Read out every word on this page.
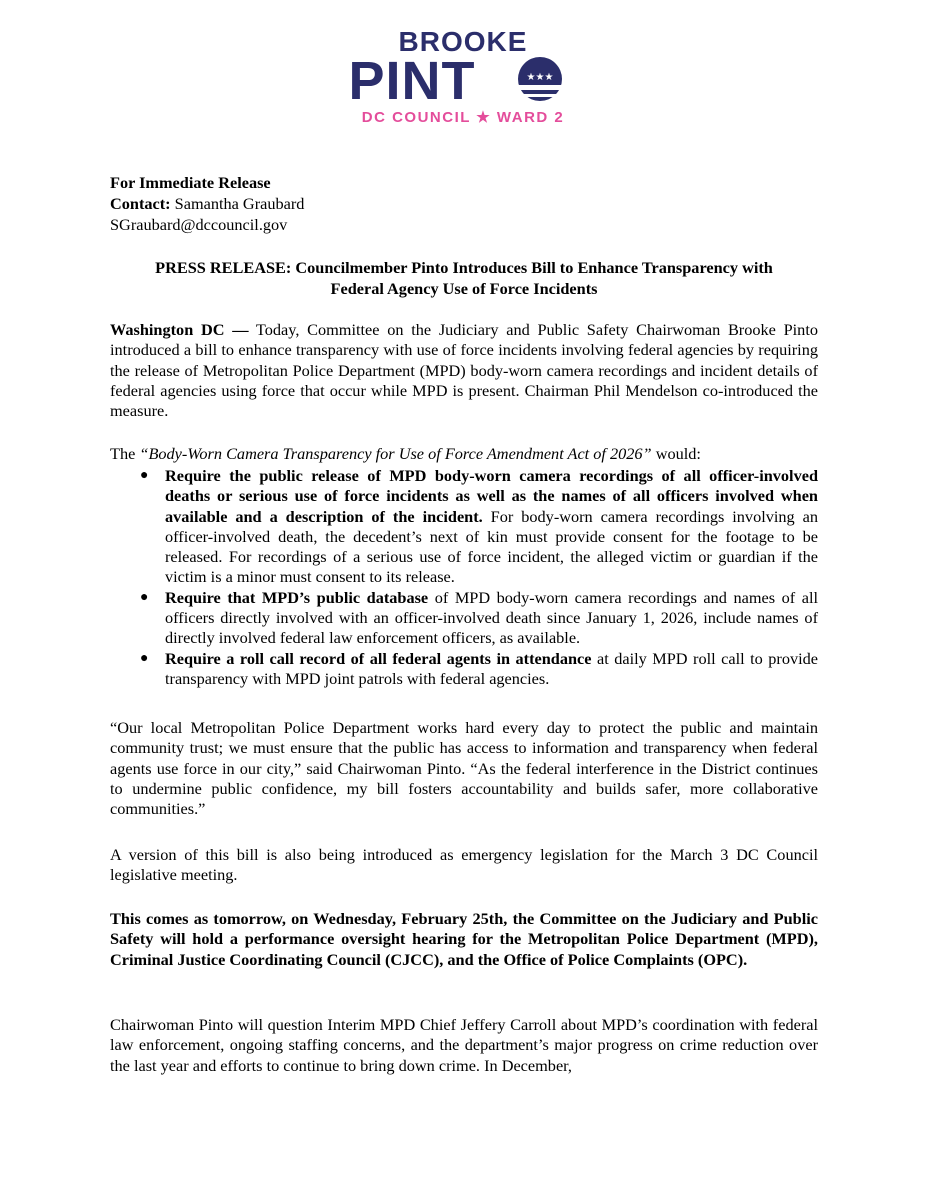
BROOKE
PINT	★★★
DC COUNCIL ★ WARD 2
For Immediate Release
Contact: Samantha Graubard
SGraubard@dccouncil.gov
PRESS RELEASE: Councilmember Pinto Introduces Bill to Enhance Transparency with
Federal Agency Use of Force Incidents

Washington DC — Today, Committee on the Judiciary and Public Safety Chairwoman Brooke Pinto introduced a bill to enhance transparency with use of force incidents involving federal agencies by requiring the release of Metropolitan Police Department (MPD) body-worn camera recordings and incident details of federal agencies using force that occur while MPD is present. Chairman Phil Mendelson co-introduced the measure.

The “Body-Worn Camera Transparency for Use of Force Amendment Act of 2026” would:

● Require the public release of MPD body-worn camera recordings of all officer-involved deaths or serious use of force incidents as well as the names of all officers involved when available and a description of the incident. For body-worn camera recordings involving an officer-involved death, the decedent’s next of kin must provide consent for the footage to be released. For recordings of a serious use of force incident, the alleged victim or guardian if the victim is a minor must consent to its release.
● Require that MPD’s public database of MPD body-worn camera recordings and names of all officers directly involved with an officer-involved death since January 1, 2026, include names of directly involved federal law enforcement officers, as available.
● Require a roll call record of all federal agents in attendance at daily MPD roll call to provide transparency with MPD joint patrols with federal agencies.

“Our local Metropolitan Police Department works hard every day to protect the public and maintain community trust; we must ensure that the public has access to information and transparency when federal agents use force in our city,” said Chairwoman Pinto. “As the federal interference in the District continues to undermine public confidence, my bill fosters accountability and builds safer, more collaborative communities.”

A version of this bill is also being introduced as emergency legislation for the March 3 DC Council legislative meeting.

This comes as tomorrow, on Wednesday, February 25th, the Committee on the Judiciary and Public Safety will hold a performance oversight hearing for the Metropolitan Police Department (MPD), Criminal Justice Coordinating Council (CJCC), and the Office of Police Complaints (OPC).

Chairwoman Pinto will question Interim MPD Chief Jeffery Carroll about MPD’s coordination with federal law enforcement, ongoing staffing concerns, and the department’s major progress on crime reduction over the last year and efforts to continue to bring down crime. In December,
